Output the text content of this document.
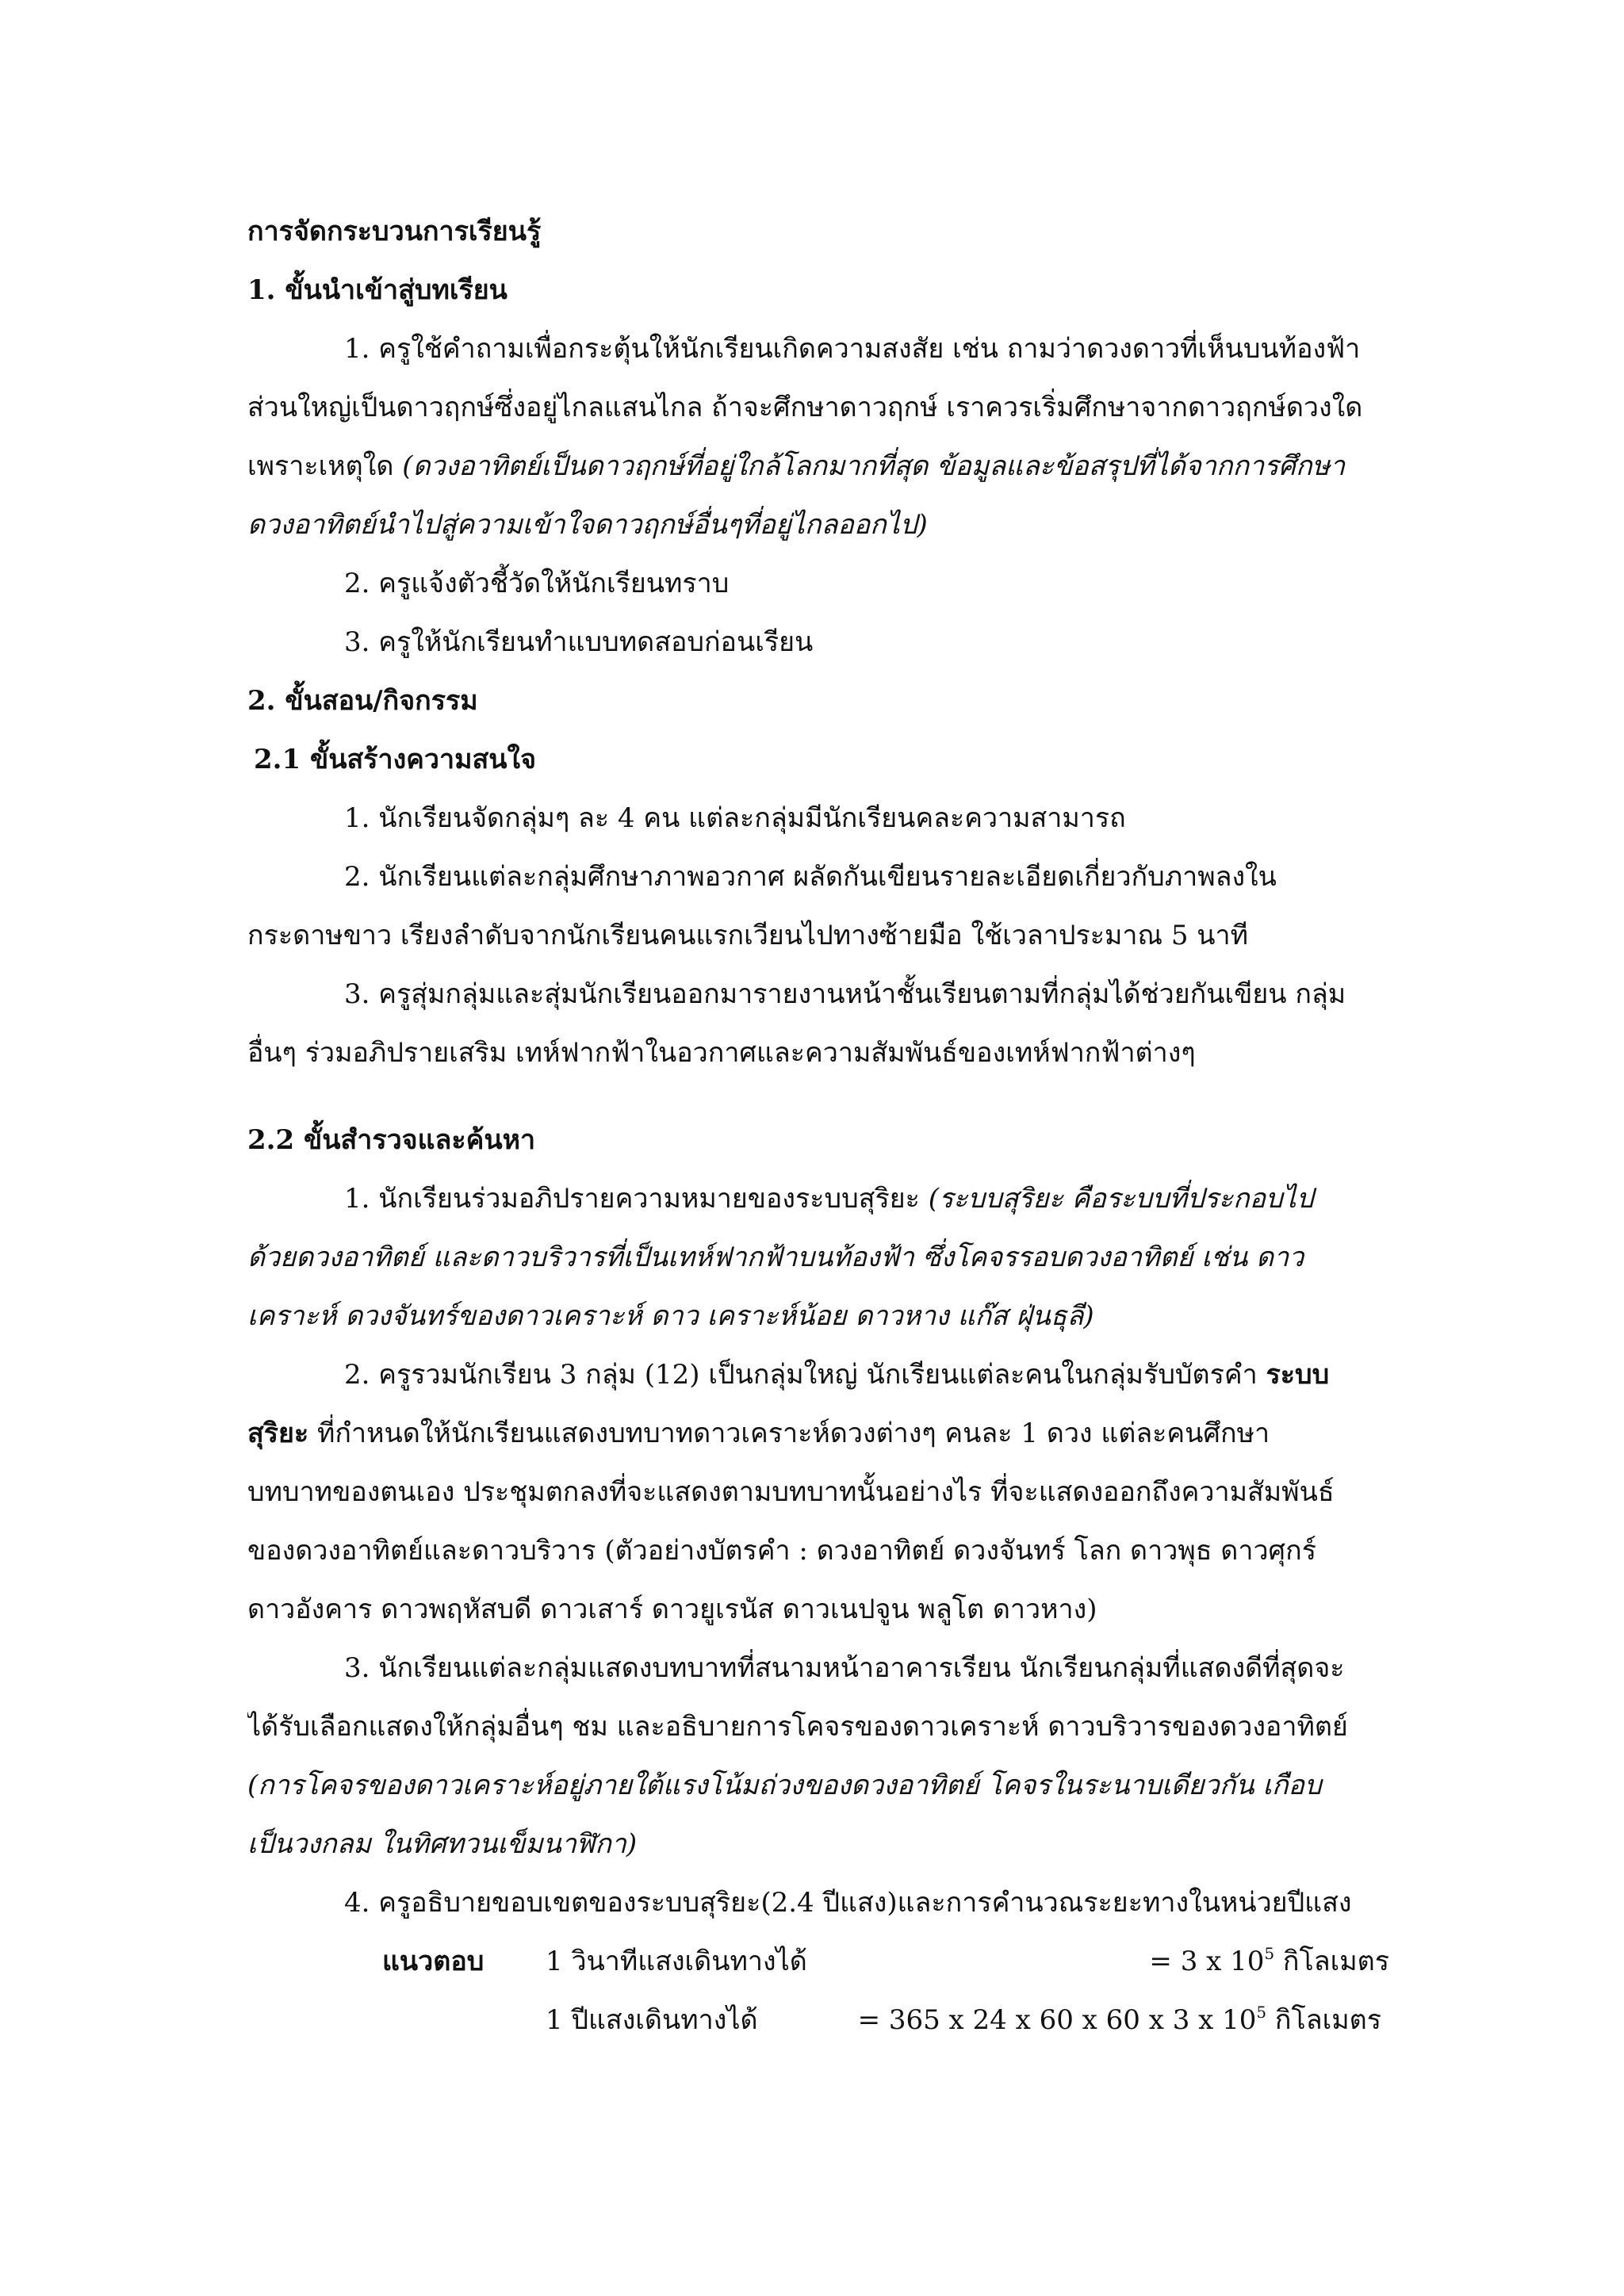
การจัดกระบวนการเรียนรู้
1. ขั้นนำเข้าสู่บทเรียน
1. ครูใช้คำถามเพื่อกระตุ้นให้นักเรียนเกิดความสงสัย เช่น ถามว่าดวงดาวที่เห็นบนท้องฟ้า
ส่วนใหญ่เป็นดาวฤกษ์ซึ่งอยู่ไกลแสนไกล ถ้าจะศึกษาดาวฤกษ์ เราควรเริ่มศึกษาจากดาวฤกษ์ดวงใด
เพราะเหตุใด (ดวงอาทิตย์เป็นดาวฤกษ์ที่อยู่ใกล้โลกมากที่สุด ข้อมูลและข้อสรุปที่ได้จากการศึกษา
ดวงอาทิตย์นำไปสู่ความเข้าใจดาวฤกษ์อื่นๆที่อยู่ไกลออกไป)
2. ครูแจ้งตัวชี้วัดให้นักเรียนทราบ
3. ครูให้นักเรียนทำแบบทดสอบก่อนเรียน
2. ขั้นสอน/กิจกรรม
2.1 ขั้นสร้างความสนใจ
1. นักเรียนจัดกลุ่มๆ ละ 4 คน แต่ละกลุ่มมีนักเรียนคละความสามารถ
2. นักเรียนแต่ละกลุ่มศึกษาภาพอวกาศ ผลัดกันเขียนรายละเอียดเกี่ยวกับภาพลงใน
กระดาษขาว เรียงลำดับจากนักเรียนคนแรกเวียนไปทางซ้ายมือ ใช้เวลาประมาณ 5 นาที
3. ครูสุ่มกลุ่มและสุ่มนักเรียนออกมารายงานหน้าชั้นเรียนตามที่กลุ่มได้ช่วยกันเขียน กลุ่ม
อื่นๆ ร่วมอภิปรายเสริม เทห์ฟากฟ้าในอวกาศและความสัมพันธ์ของเทห์ฟากฟ้าต่างๆ
2.2 ขั้นสำรวจและค้นหา
1. นักเรียนร่วมอภิปรายความหมายของระบบสุริยะ (ระบบสุริยะ คือระบบที่ประกอบไป
ด้วยดวงอาทิตย์ และดาวบริวารที่เป็นเทห์ฟากฟ้าบนท้องฟ้า ซึ่งโคจรรอบดวงอาทิตย์ เช่น ดาว
เคราะห์ ดวงจันทร์ของดาวเคราะห์ ดาว เคราะห์น้อย ดาวหาง แก๊ส ฝุ่นธุลี)
2. ครูรวมนักเรียน 3 กลุ่ม (12) เป็นกลุ่มใหญ่ นักเรียนแต่ละคนในกลุ่มรับบัตรคำ ระบบ
สุริยะ ที่กำหนดให้นักเรียนแสดงบทบาทดาวเคราะห์ดวงต่างๆ คนละ 1 ดวง แต่ละคนศึกษา
บทบาทของตนเอง ประชุมตกลงที่จะแสดงตามบทบาทนั้นอย่างไร ที่จะแสดงออกถึงความสัมพันธ์
ของดวงอาทิตย์และดาวบริวาร (ตัวอย่างบัตรคำ : ดวงอาทิตย์ ดวงจันทร์ โลก ดาวพุธ ดาวศุกร์
ดาวอังคาร ดาวพฤหัสบดี ดาวเสาร์ ดาวยูเรนัส ดาวเนปจูน พลูโต ดาวหาง)
3. นักเรียนแต่ละกลุ่มแสดงบทบาทที่สนามหน้าอาคารเรียน นักเรียนกลุ่มที่แสดงดีที่สุดจะ
ได้รับเลือกแสดงให้กลุ่มอื่นๆ ชม และอธิบายการโคจรของดาวเคราะห์ ดาวบริวารของดวงอาทิตย์
(การโคจรของดาวเคราะห์อยู่ภายใต้แรงโน้มถ่วงของดวงอาทิตย์ โคจรในระนาบเดียวกัน เกือบ
เป็นวงกลม ในทิศทวนเข็มนาฬิกา)
4. ครูอธิบายขอบเขตของระบบสุริยะ(2.4 ปีแสง)และการคำนวณระยะทางในหน่วยปีแสง
แนวตอบ 1 วินาทีแสงเดินทางได้	= 3 x $10^5$ กิโลเมตร
1 ปีแสงเดินทางได้	= 365 x 24 x 60 x 60 x 3 x $10^5$ กิโลเมตร
